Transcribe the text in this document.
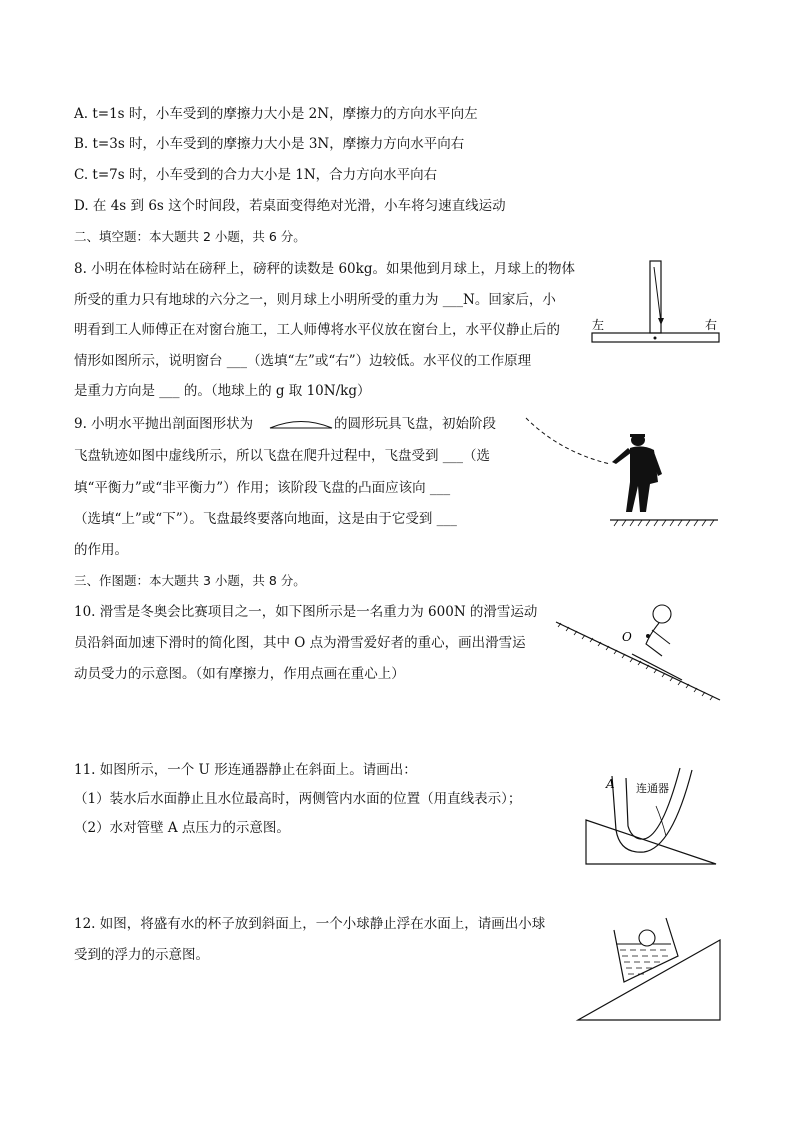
A. t=1s 时，小车受到的摩擦力大小是 2N，摩擦力的方向水平向左
B. t=3s 时，小车受到的摩擦力大小是 3N，摩擦力方向水平向右
C. t=7s 时，小车受到的合力大小是 1N，合力方向水平向右
D. 在 4s 到 6s 这个时间段，若桌面变得绝对光滑，小车将匀速直线运动
二、填空题：本大题共 2 小题，共 6 分。
8. 小明在体检时站在磅秤上，磅秤的读数是 60kg。如果他到月球上，月球上的物体
所受的重力只有地球的六分之一，则月球上小明所受的重力为 ___N。回家后，小
明看到工人师傅正在对窗台施工，工人师傅将水平仪放在窗台上，水平仪静止后的
情形如图所示，说明窗台 ___（选填“左”或“右”）边较低。水平仪的工作原理
是重力方向是 ___ 的。（地球上的 g 取 10N/kg）
左	右
9. 小明水平抛出剖面图形状为	的圆形玩具飞盘，初始阶段
飞盘轨迹如图中虚线所示，所以飞盘在爬升过程中，飞盘受到 ___（选
填“平衡力”或“非平衡力”）作用；该阶段飞盘的凸面应该向 ___
（选填“上”或“下”）。飞盘最终要落向地面，这是由于它受到 ___
的作用。
三、作图题：本大题共 3 小题，共 8 分。
10. 滑雪是冬奥会比赛项目之一，如下图所示是一名重力为 600N 的滑雪运动
员沿斜面加速下滑时的简化图，其中 O 点为滑雪爱好者的重心，画出滑雪运
动员受力的示意图。（如有摩擦力，作用点画在重心上）
O
11. 如图所示，一个 U 形连通器静止在斜面上。请画出：
（1）装水后水面静止且水位最高时，两侧管内水面的位置（用直线表示）；
（2）水对管壁 A 点压力的示意图。
A 连通器
12. 如图，将盛有水的杯子放到斜面上，一个小球静止浮在水面上，请画出小球
受到的浮力的示意图。
